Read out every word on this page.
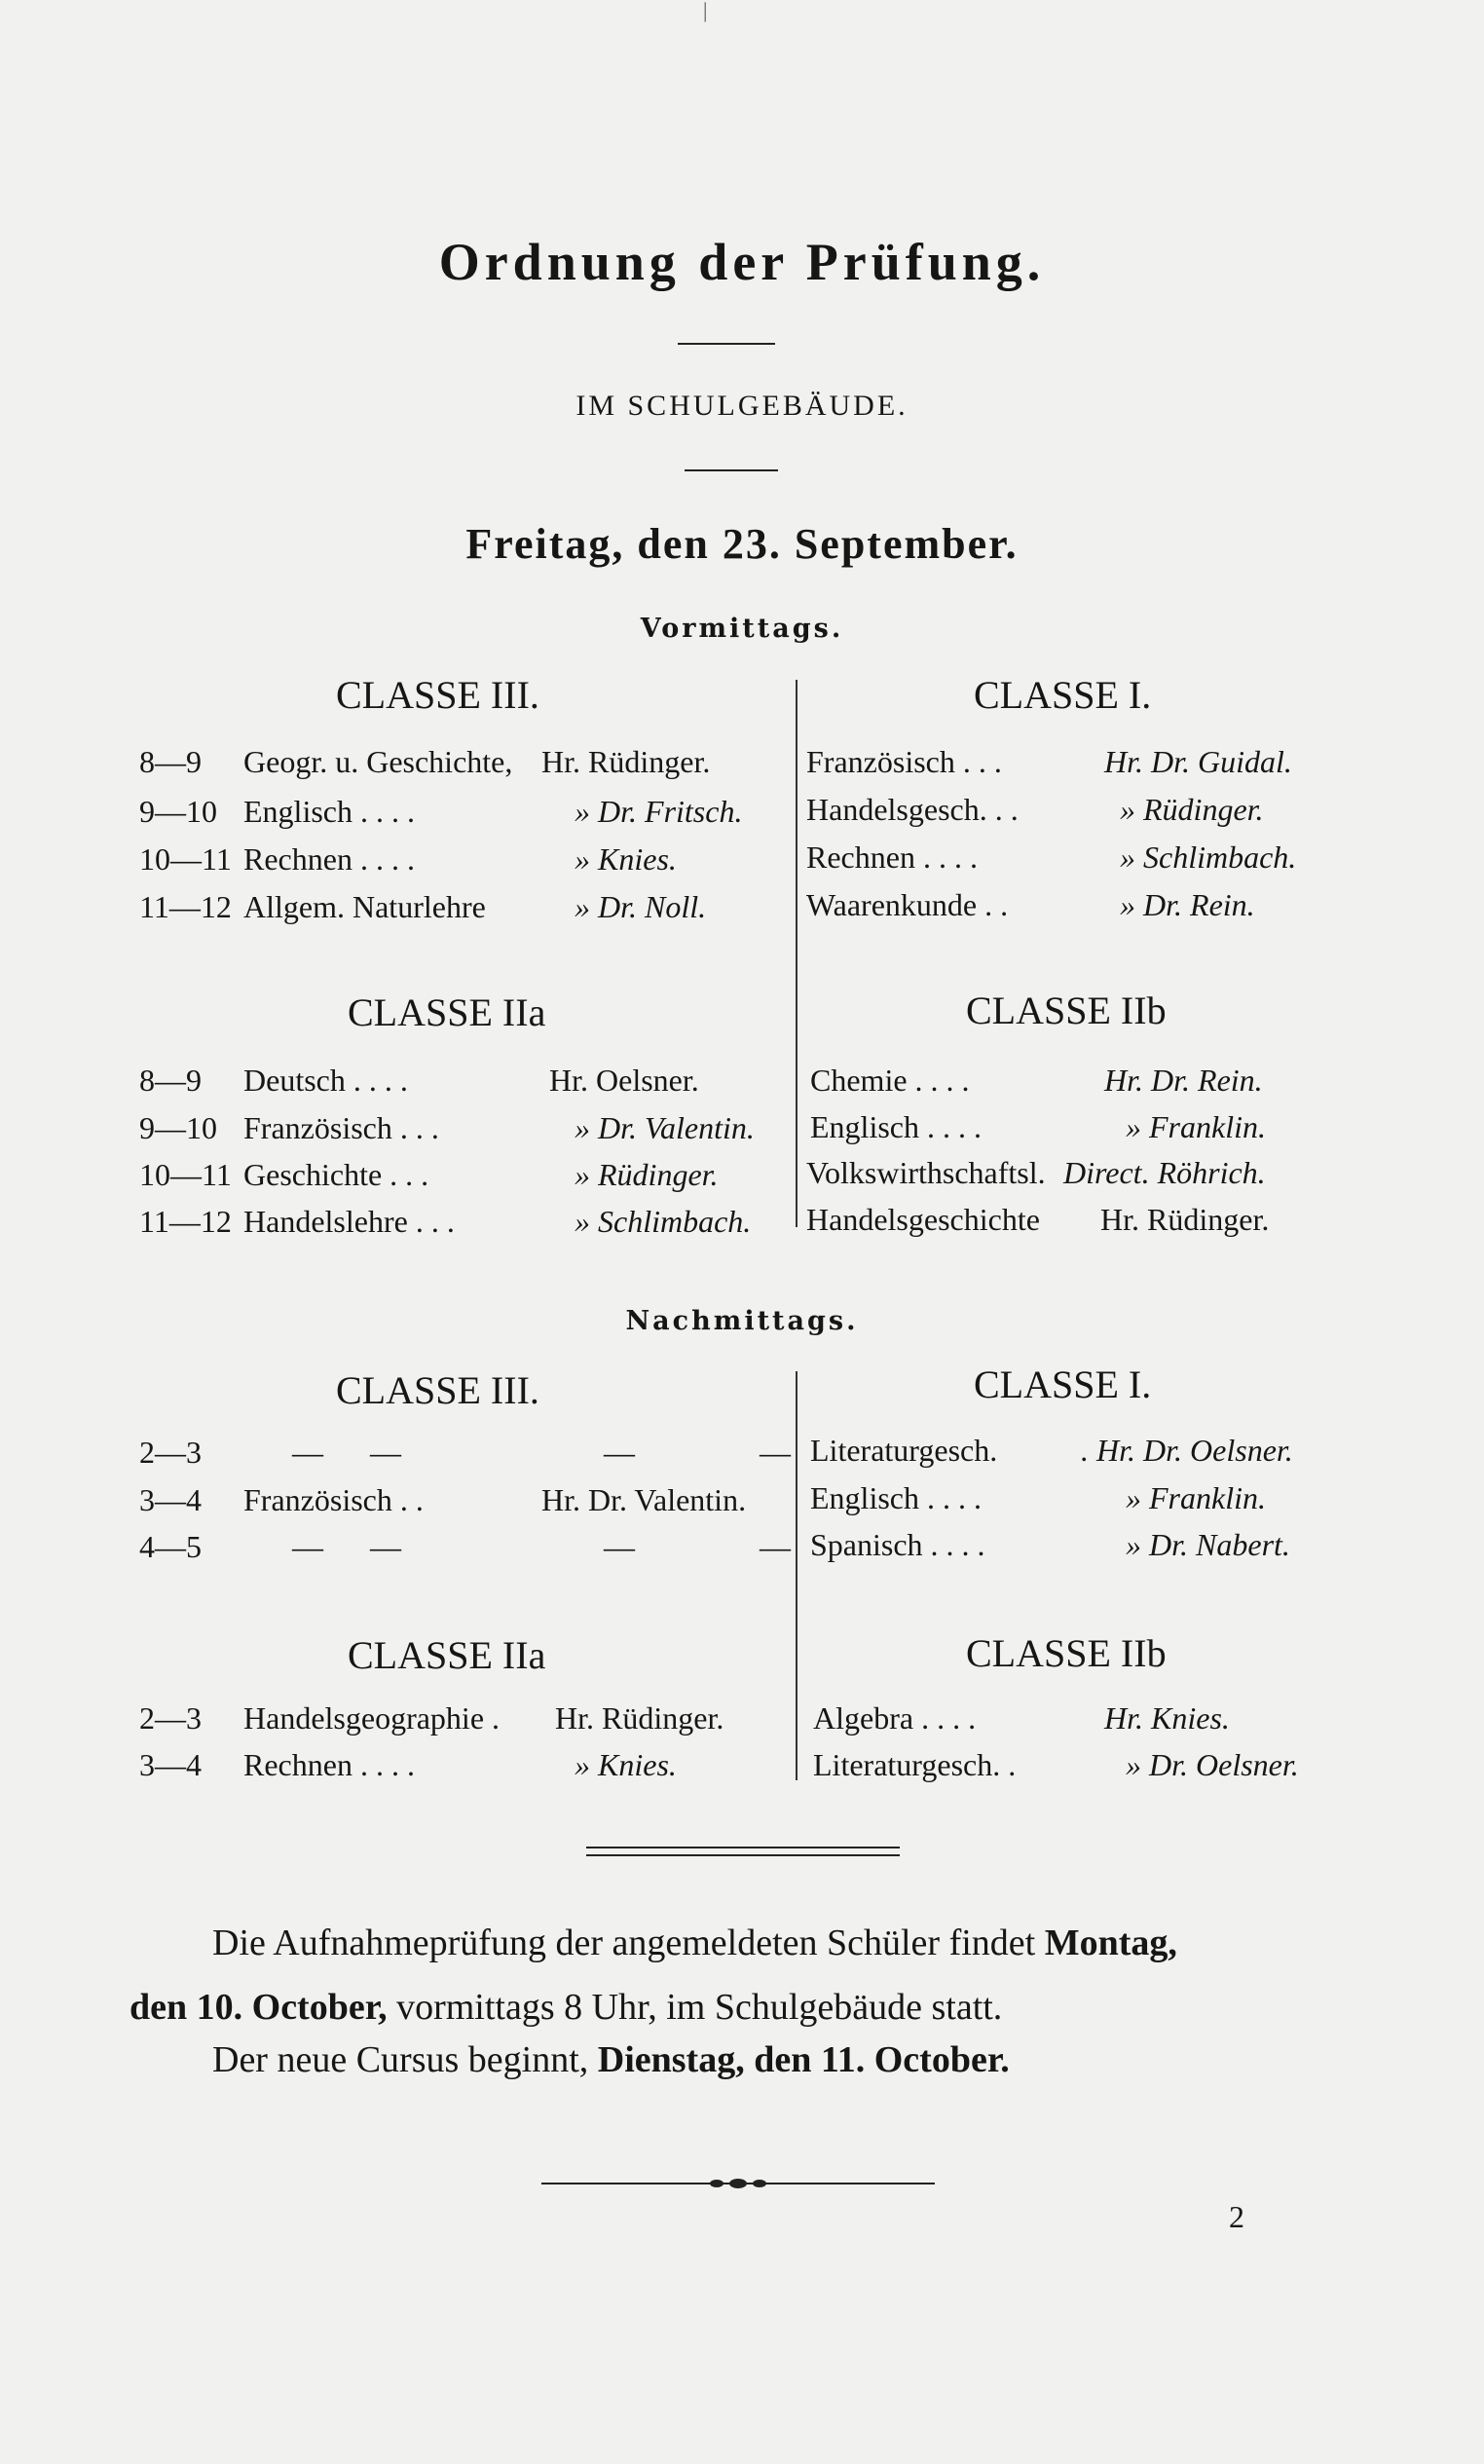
|
Ordnung der Prüfung.
IM SCHULGEBÄUDE.
Freitag, den 23. September.
Vormittags.
CLASSE III.	CLASSE I.
8—9 Geogr. u. Geschichte, Hr. Rüdinger.
9—10 Englisch . . . .	» Dr. Fritsch.
10—11 Rechnen . . . .	» Knies.
11—12 Allgem. Naturlehre	» Dr. Noll.
Französisch . . .	Hr. Dr. Guidal.
Handelsgesch. . .	» Rüdinger.
Rechnen . . . .	» Schlimbach.
Waarenkunde . .	» Dr. Rein.
CLASSE IIa	CLASSE IIb
8—9 Deutsch . . . .	Hr. Oelsner.
9—10 Französisch . . .	» Dr. Valentin.
10—11 Geschichte . . .	» Rüdinger.
11—12 Handelslehre . . .	» Schlimbach.
Chemie . . . .	Hr. Dr. Rein.
Englisch . . . .	» Franklin.
Volkswirthschaftsl. Direct. Röhrich.
Handelsgeschichte Hr. Rüdinger.
Nachmittags.
CLASSE III.	CLASSE I.
2—3	— —	— —
3—4 Französisch . .	Hr. Dr. Valentin.
4—5	— —	— —
Literaturgesch.	. Hr. Dr. Oelsner.
Englisch . . . .	» Franklin.
Spanisch . . . .	» Dr. Nabert.
CLASSE IIa	CLASSE IIb
2—3 Handelsgeographie . Hr. Rüdinger.
3—4 Rechnen . . . .	» Knies.
Algebra . . . .	Hr. Knies.
Literaturgesch. .	» Dr. Oelsner.
Die Aufnahmeprüfung der angemeldeten Schüler findet Montag,
den 10. October, vormittags 8 Uhr, im Schulgebäude statt.
Der neue Cursus beginnt, Dienstag, den 11. October.
2
